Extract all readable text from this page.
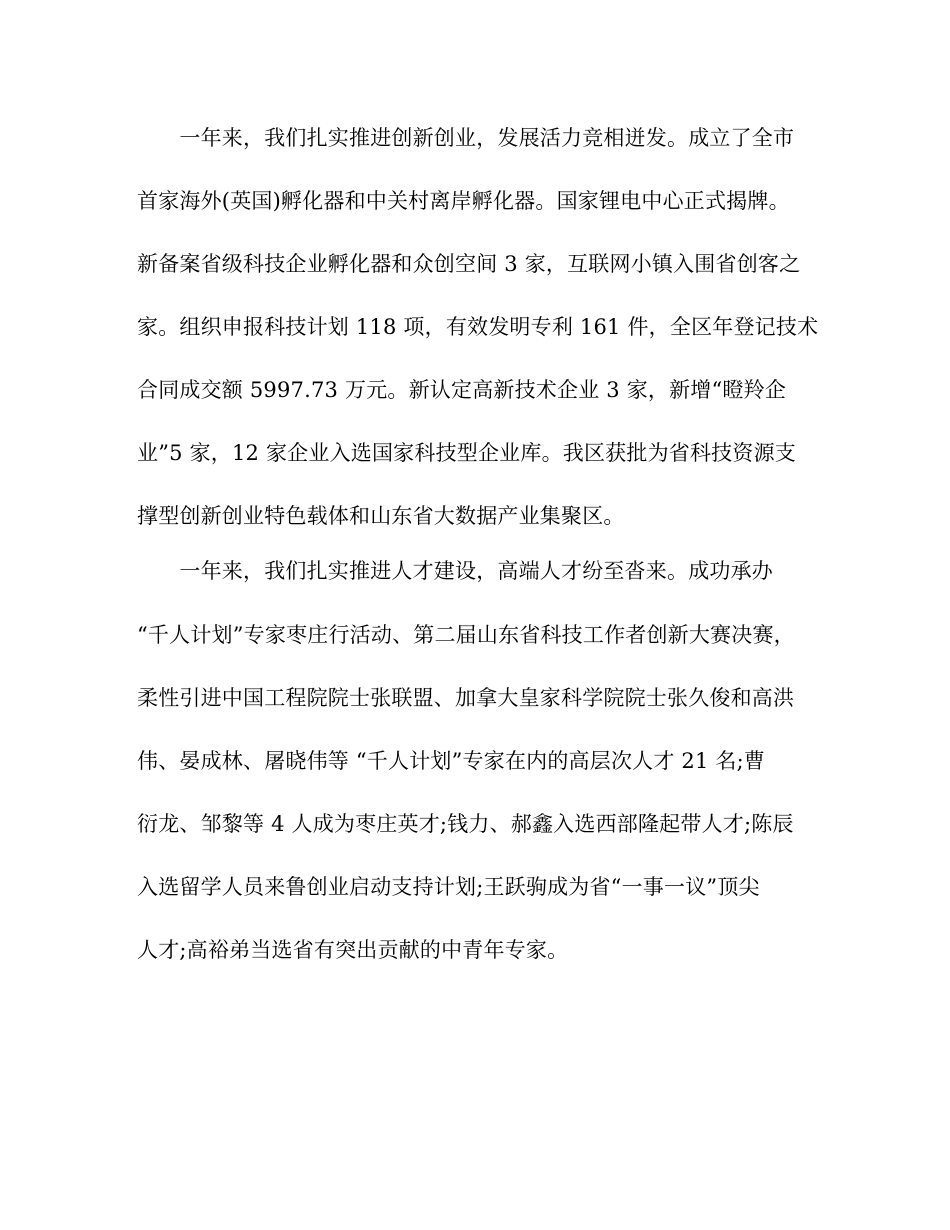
　　一年来，我们扎实推进创新创业，发展活力竞相迸发。成立了全市
首家海外(英国)孵化器和中关村离岸孵化器。国家锂电中心正式揭牌。
新备案省级科技企业孵化器和众创空间 3 家，互联网小镇入围省创客之
家。组织申报科技计划 118 项，有效发明专利 161 件，全区年登记技术
合同成交额 5997.73 万元。新认定高新技术企业 3 家，新增“瞪羚企
业”5 家，12 家企业入选国家科技型企业库。我区获批为省科技资源支
撑型创新创业特色载体和山东省大数据产业集聚区。
　　一年来，我们扎实推进人才建设，高端人才纷至沓来。成功承办
“千人计划”专家枣庄行活动、第二届山东省科技工作者创新大赛决赛，
柔性引进中国工程院院士张联盟、加拿大皇家科学院院士张久俊和高洪
伟、晏成林、屠晓伟等 “千人计划”专家在内的高层次人才 21 名;曹
衍龙、邹黎等 4 人成为枣庄英才;钱力、郝鑫入选西部隆起带人才;陈辰
入选留学人员来鲁创业启动支持计划;王跃驹成为省“一事一议”顶尖
人才;高裕弟当选省有突出贡献的中青年专家。
